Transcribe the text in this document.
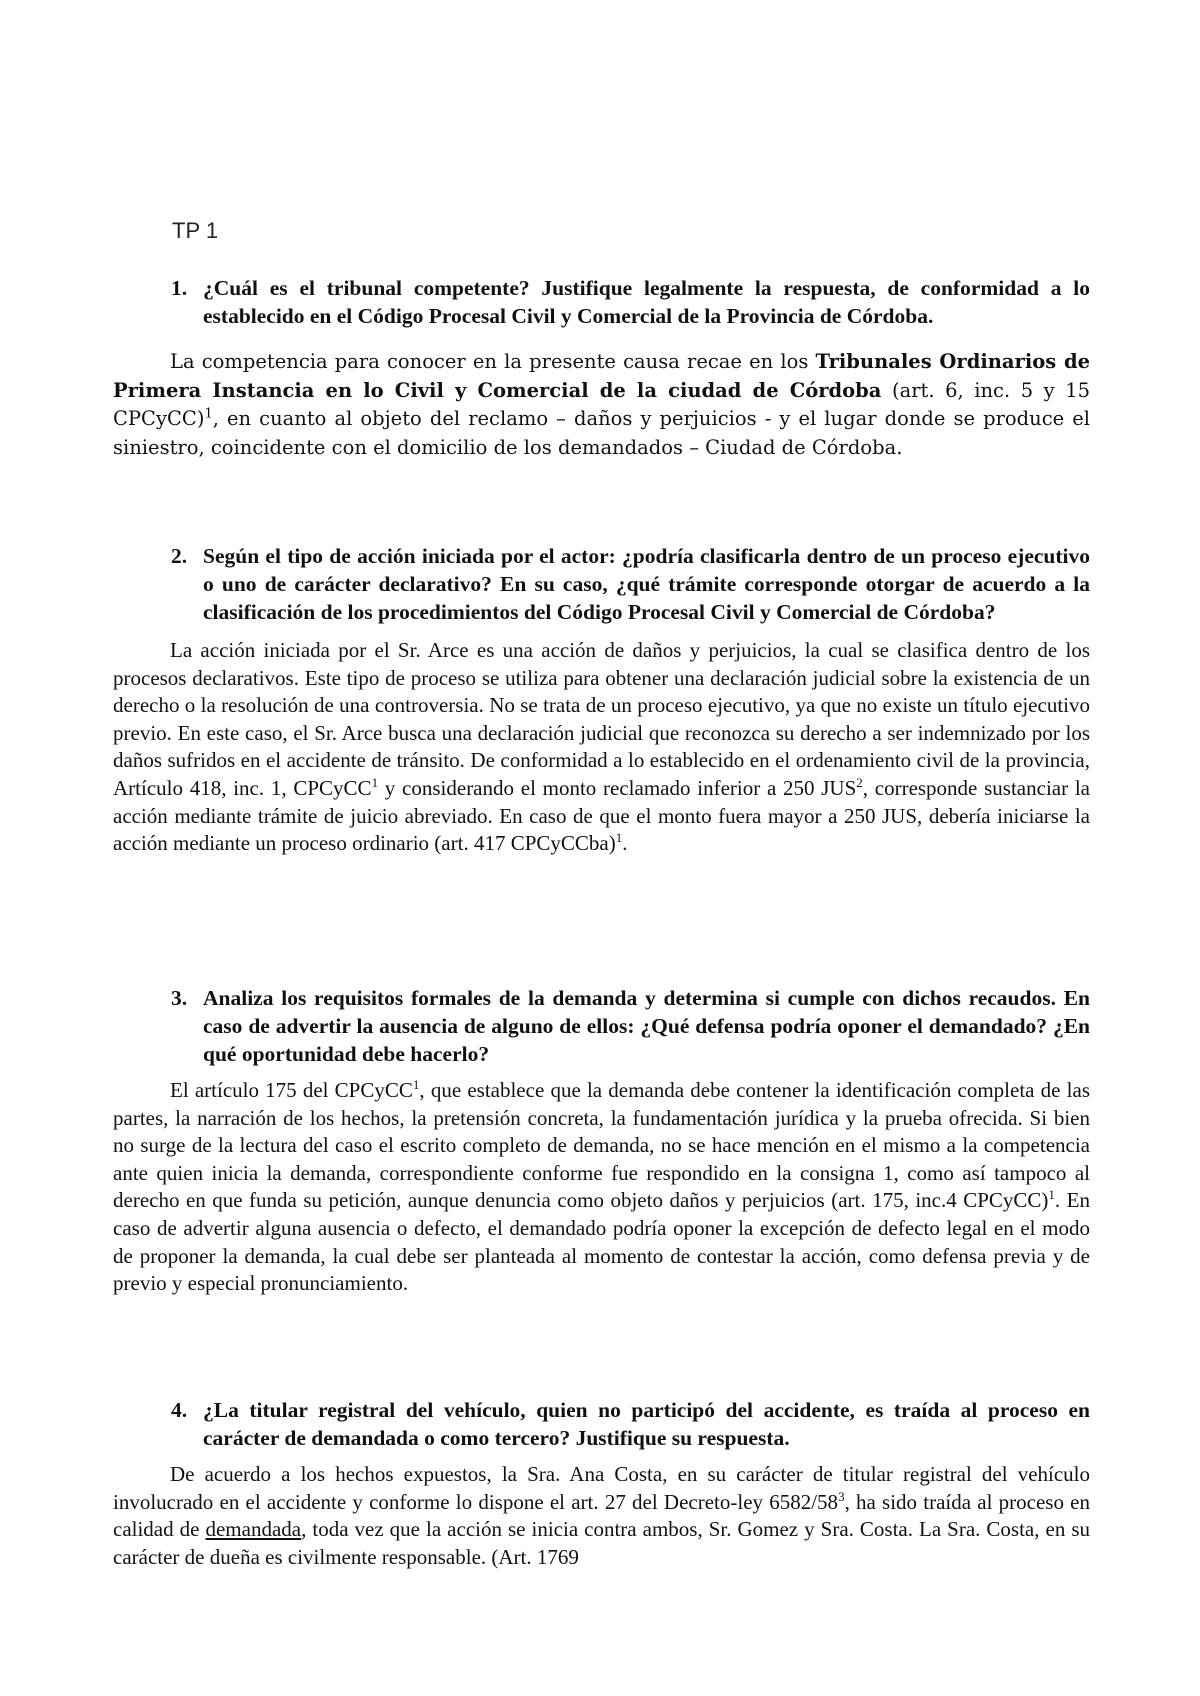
TP 1

1. ¿Cuál es el tribunal competente? Justifique legalmente la respuesta, de conformidad a lo establecido en el Código Procesal Civil y Comercial de la Provincia de Córdoba.

La competencia para conocer en la presente causa recae en los Tribunales Ordinarios de Primera Instancia en lo Civil y Comercial de la ciudad de Córdoba (art. 6, inc. 5 y 15 CPCyCC)$^1$, en cuanto al objeto del reclamo – daños y perjuicios - y el lugar donde se produce el siniestro, coincidente con el domicilio de los demandados – Ciudad de Córdoba.

2. Según el tipo de acción iniciada por el actor: ¿podría clasificarla dentro de un proceso ejecutivo o uno de carácter declarativo? En su caso, ¿qué trámite corresponde otorgar de acuerdo a la clasificación de los procedimientos del Código Procesal Civil y Comercial de Córdoba?

La acción iniciada por el Sr. Arce es una acción de daños y perjuicios, la cual se clasifica dentro de los procesos declarativos. Este tipo de proceso se utiliza para obtener una declaración judicial sobre la existencia de un derecho o la resolución de una controversia. No se trata de un proceso ejecutivo, ya que no existe un título ejecutivo previo. En este caso, el Sr. Arce busca una declaración judicial que reconozca su derecho a ser indemnizado por los daños sufridos en el accidente de tránsito. De conformidad a lo establecido en el ordenamiento civil de la provincia, Artículo 418, inc. 1, CPCyCC$^1$ y considerando el monto reclamado inferior a 250 JUS$^2$, corresponde sustanciar la acción mediante trámite de juicio abreviado. En caso de que el monto fuera mayor a 250 JUS, debería iniciarse la acción mediante un proceso ordinario (art. 417 CPCyCCba)$^1$.

3. Analiza los requisitos formales de la demanda y determina si cumple con dichos recaudos. En caso de advertir la ausencia de alguno de ellos: ¿Qué defensa podría oponer el demandado? ¿En qué oportunidad debe hacerlo?

El artículo 175 del CPCyCC$^1$, que establece que la demanda debe contener la identificación completa de las partes, la narración de los hechos, la pretensión concreta, la fundamentación jurídica y la prueba ofrecida. Si bien no surge de la lectura del caso el escrito completo de demanda, no se hace mención en el mismo a la competencia ante quien inicia la demanda, correspondiente conforme fue respondido en la consigna 1, como así tampoco al derecho en que funda su petición, aunque denuncia como objeto daños y perjuicios (art. 175, inc.4 CPCyCC)$^1$. En caso de advertir alguna ausencia o defecto, el demandado podría oponer la excepción de defecto legal en el modo de proponer la demanda, la cual debe ser planteada al momento de contestar la acción, como defensa previa y de previo y especial pronunciamiento.

4. ¿La titular registral del vehículo, quien no participó del accidente, es traída al proceso en carácter de demandada o como tercero? Justifique su respuesta.

De acuerdo a los hechos expuestos, la Sra. Ana Costa, en su carácter de titular registral del vehículo involucrado en el accidente y conforme lo dispone el art. 27 del Decreto-ley $6582/58^3$, ha sido traída al proceso en calidad de demandada, toda vez que la acción se inicia contra ambos, Sr. Gomez y Sra. Costa. La Sra. Costa, en su carácter de dueña es civilmente responsable. (Art. 1769
